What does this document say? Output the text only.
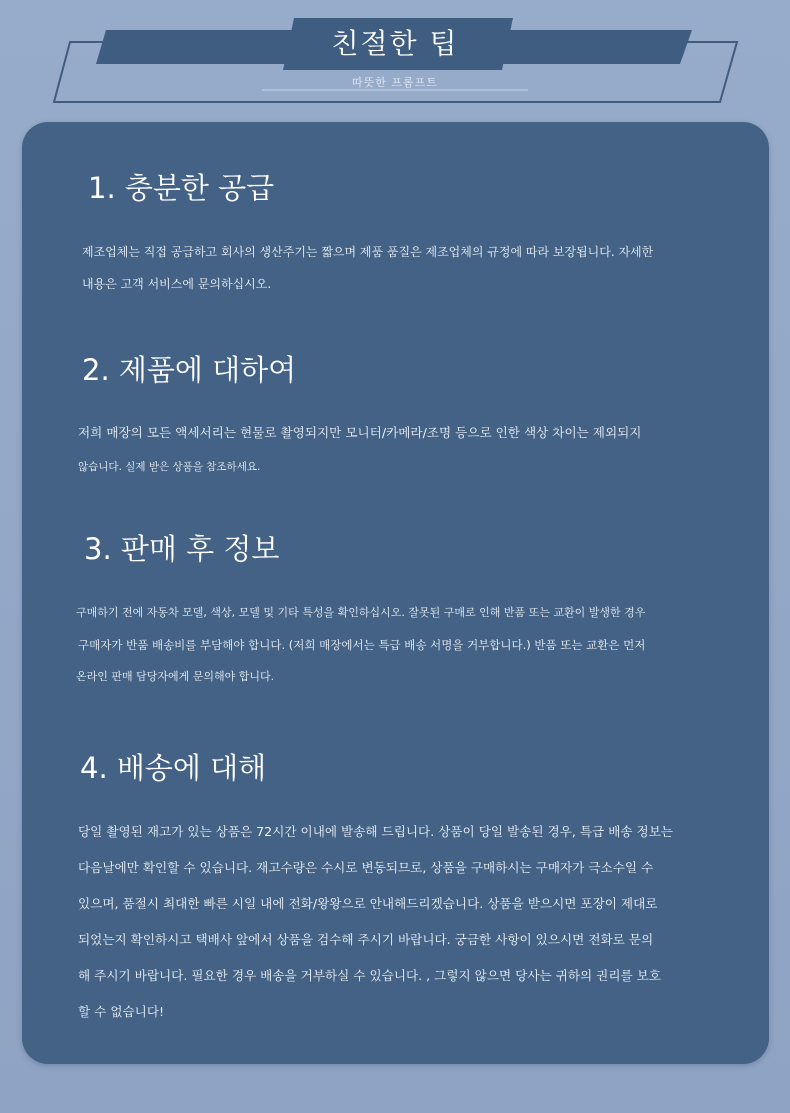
친절한 팁
따뜻한 프롬프트
1. 충분한 공급
제조업체는 직접 공급하고 회사의 생산주기는 짧으며 제품 품질은 제조업체의 규정에 따라 보장됩니다. 자세한
내용은 고객 서비스에 문의하십시오.
2. 제품에 대하여
저희 매장의 모든 액세서리는 현물로 촬영되지만 모니터/카메라/조명 등으로 인한 색상 차이는 제외되지
않습니다. 실제 받은 상품을 참조하세요.
3. 판매 후 정보
구매하기 전에 자동차 모델, 색상, 모델 및 기타 특성을 확인하십시오. 잘못된 구매로 인해 반품 또는 교환이 발생한 경우
구매자가 반품 배송비를 부담해야 합니다. (저희 매장에서는 특급 배송 서명을 거부합니다.) 반품 또는 교환은 먼저
온라인 판매 담당자에게 문의해야 합니다.
4. 배송에 대해
당일 촬영된 재고가 있는 상품은 72시간 이내에 발송해 드립니다. 상품이 당일 발송된 경우, 특급 배송 정보는
다음날에만 확인할 수 있습니다. 재고수량은 수시로 변동되므로, 상품을 구매하시는 구매자가 극소수일 수
있으며, 품절시 최대한 빠른 시일 내에 전화/왕왕으로 안내해드리겠습니다. 상품을 받으시면 포장이 제대로
되었는지 확인하시고 택배사 앞에서 상품을 검수해 주시기 바랍니다. 궁금한 사항이 있으시면 전화로 문의
해 주시기 바랍니다. 필요한 경우 배송을 거부하실 수 있습니다. , 그렇지 않으면 당사는 귀하의 권리를 보호
할 수 없습니다!
